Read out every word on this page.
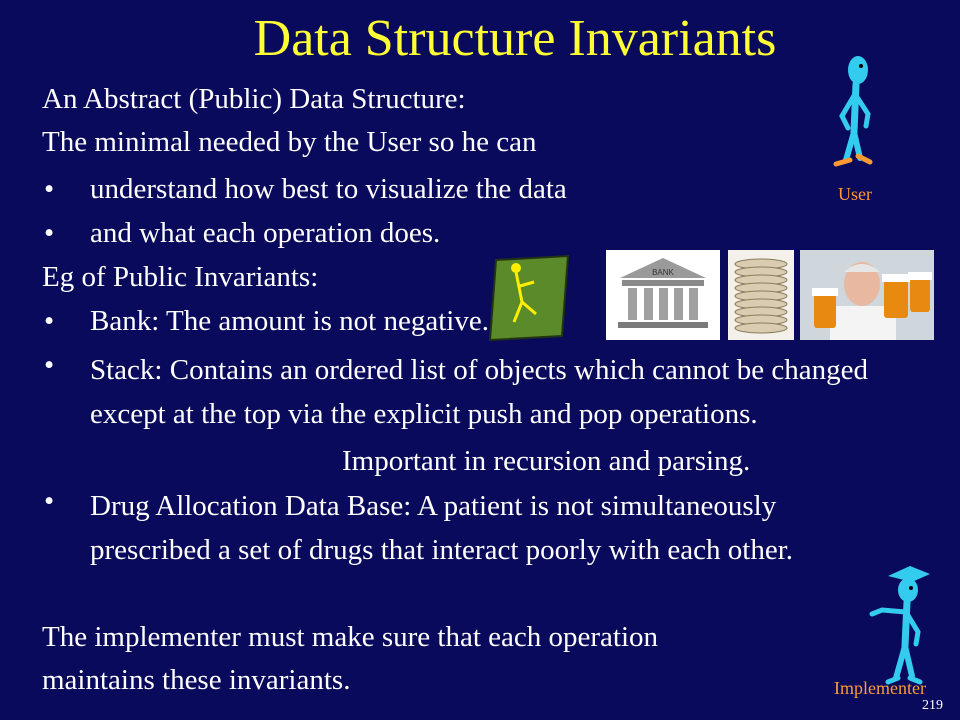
Data Structure Invariants
An Abstract (Public) Data Structure:
The minimal needed by the User so he can
• understand how best to visualize the data
• and what each operation does.
Eg of Public Invariants:
• Bank: The amount is not negative.
• Stack: Contains an ordered list of objects which cannot be changed except at the top via the explicit push and pop operations.
Important in recursion and parsing.
• Drug Allocation Data Base: A patient is not simultaneously prescribed a set of drugs that interact poorly with each other.
The implementer must make sure that each operation
maintains these invariants.
User
BANK
Implementer
219
